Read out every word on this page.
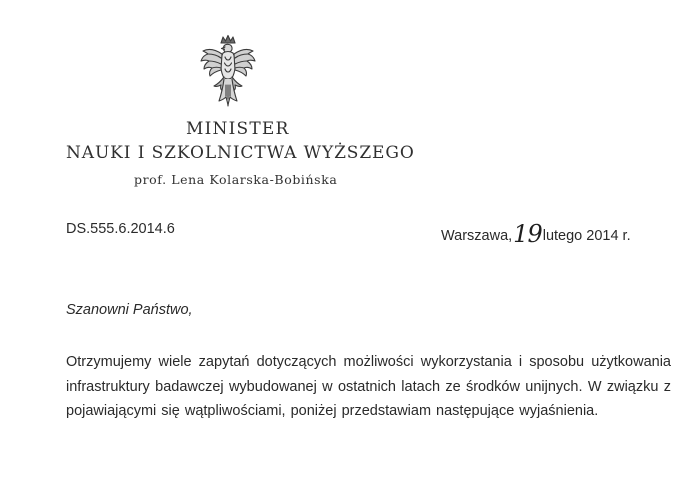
MINISTER
NAUKI I SZKOLNICTWA WYŻSZEGO
prof. Lena Kolarska-Bobińska
DS.555.6.2014.6	Warszawa, 19 lutego 2014 r.
Szanowni Państwo,
Otrzymujemy wiele zapytań dotyczących możliwości wykorzystania i sposobu użytkowania infrastruktury badawczej wybudowanej w ostatnich latach ze środków unijnych. W związku z pojawiającymi się wątpliwościami, poniżej przedstawiam następujące wyjaśnienia.
